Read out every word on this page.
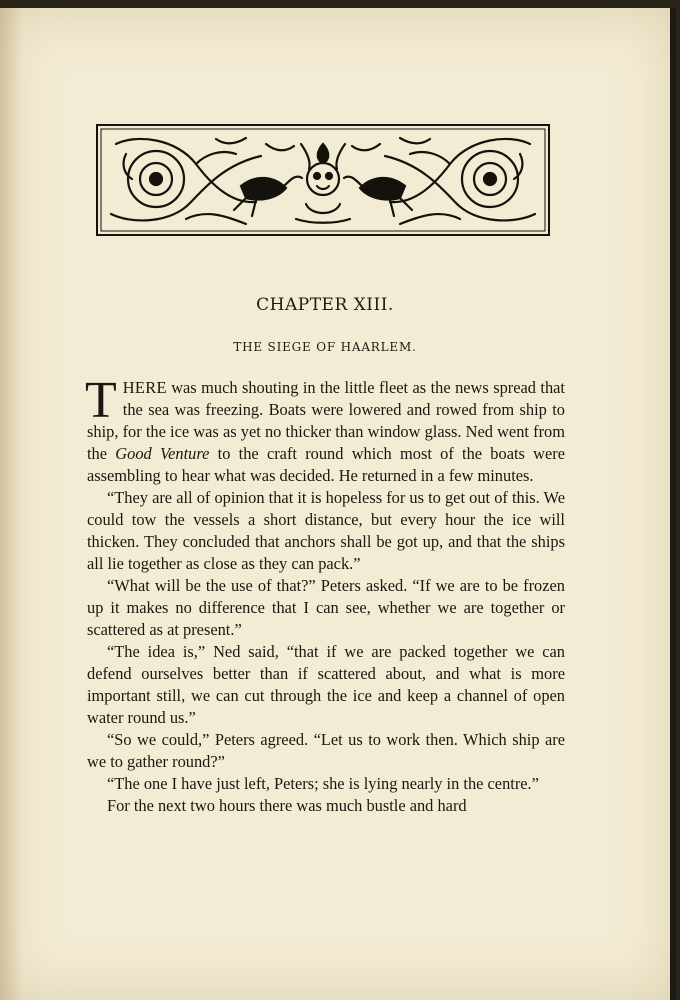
CHAPTER XIII.
THE SIEGE OF HAARLEM.

THERE was much shouting in the little fleet as the news spread that the sea was freezing. Boats were lowered and rowed from ship to ship, for the ice was as yet no thicker than window glass. Ned went from the Good Venture to the craft round which most of the boats were assembling to hear what was decided. He returned in a few minutes.

“They are all of opinion that it is hopeless for us to get out of this. We could tow the vessels a short distance, but every hour the ice will thicken. They concluded that anchors shall be got up, and that the ships all lie together as close as they can pack.”

“What will be the use of that?” Peters asked. “If we are to be frozen up it makes no difference that I can see, whether we are together or scattered as at present.”

“The idea is,” Ned said, “that if we are packed together we can defend ourselves better than if scattered about, and what is more important still, we can cut through the ice and keep a channel of open water round us.”

“So we could,” Peters agreed. “Let us to work then. Which ship are we to gather round?”

“The one I have just left, Peters; she is lying nearly in the centre.”

For the next two hours there was much bustle and hard
